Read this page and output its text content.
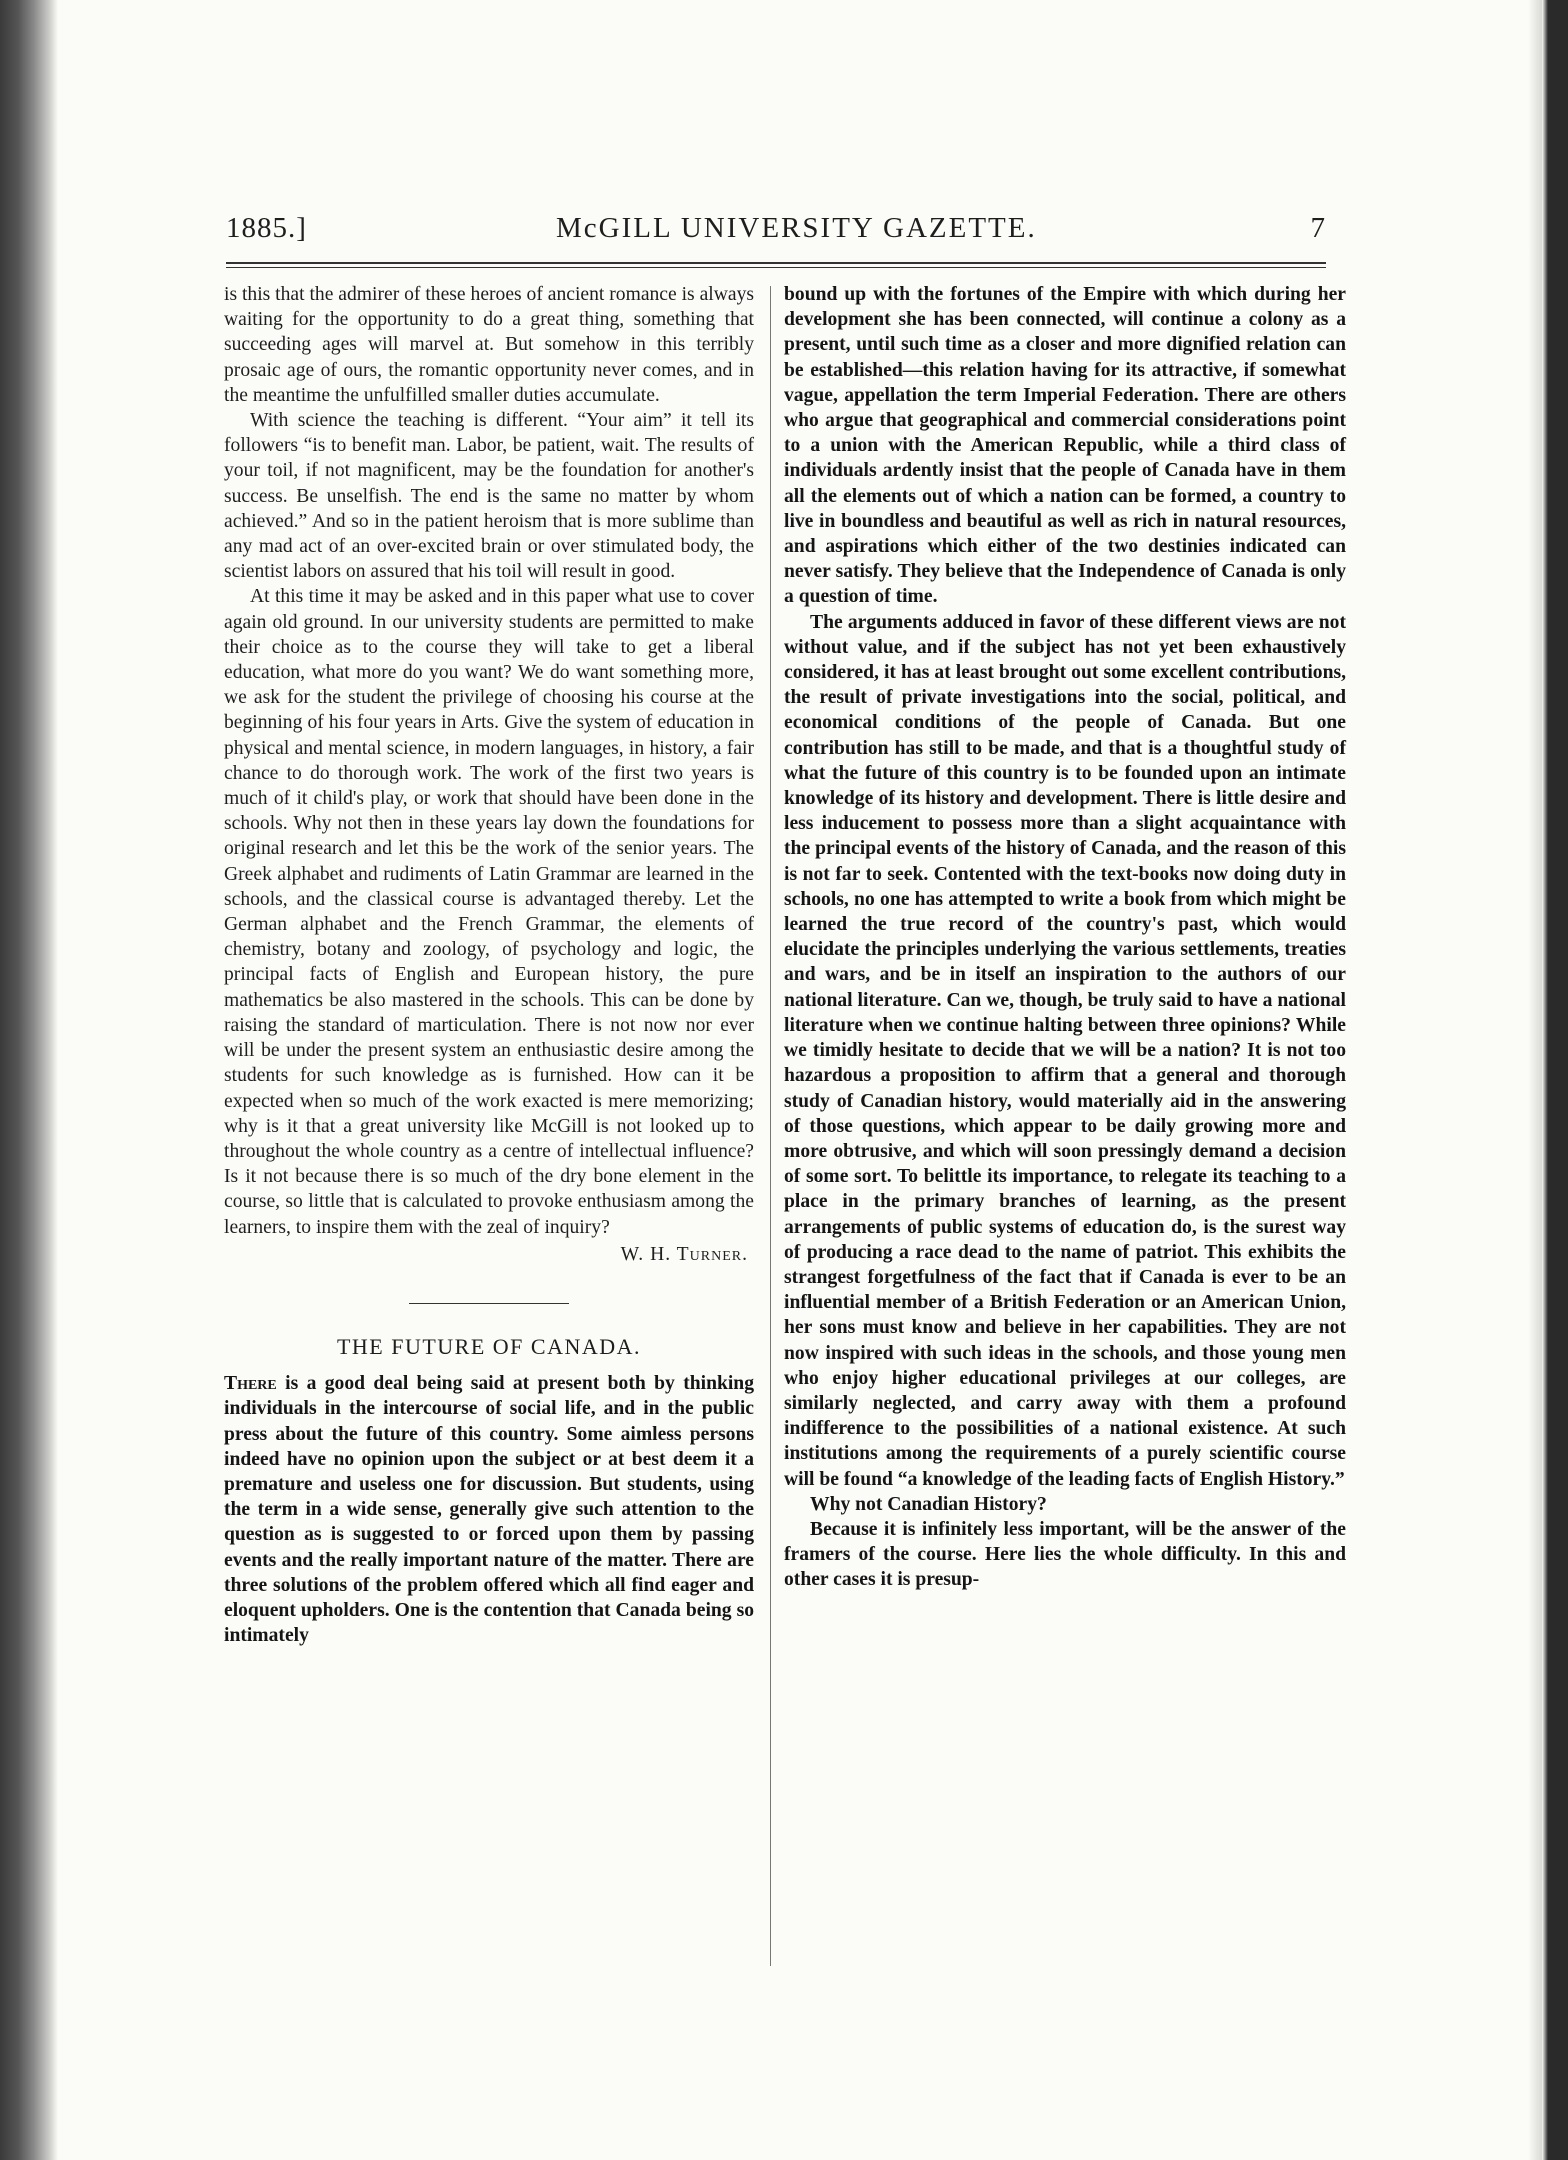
1885.]	McGILL UNIVERSITY GAZETTE.	7

is this that the admirer of these heroes of ancient romance is always waiting for the opportunity to do a great thing, something that succeeding ages will marvel at. But somehow in this terribly prosaic age of ours, the romantic opportunity never comes, and in the meantime the unfulfilled smaller duties accumulate.

With science the teaching is different. “Your aim” it tell its followers “is to benefit man. Labor, be patient, wait. The results of your toil, if not magnificent, may be the foundation for another's success. Be unselfish. The end is the same no matter by whom achieved.” And so in the patient heroism that is more sublime than any mad act of an over-excited brain or over stimulated body, the scientist labors on assured that his toil will result in good.

At this time it may be asked and in this paper what use to cover again old ground. In our university students are permitted to make their choice as to the course they will take to get a liberal education, what more do you want? We do want something more, we ask for the student the privilege of choosing his course at the beginning of his four years in Arts. Give the system of education in physical and mental science, in modern languages, in history, a fair chance to do thorough work. The work of the first two years is much of it child's play, or work that should have been done in the schools. Why not then in these years lay down the foundations for original research and let this be the work of the senior years. The Greek alphabet and rudiments of Latin Grammar are learned in the schools, and the classical course is advantaged thereby. Let the German alphabet and the French Grammar, the elements of chemistry, botany and zoology, of psychology and logic, the principal facts of English and European history, the pure mathematics be also mastered in the schools. This can be done by raising the standard of marticulation. There is not now nor ever will be under the present system an enthusiastic desire among the students for such knowledge as is furnished. How can it be expected when so much of the work exacted is mere memorizing; why is it that a great university like McGill is not looked up to throughout the whole country as a centre of intellectual influence? Is it not because there is so much of the dry bone element in the course, so little that is calculated to provoke enthusiasm among the learners, to inspire them with the zeal of inquiry?

W. H. Turner.
THE FUTURE OF CANADA.

There is a good deal being said at present both by thinking individuals in the intercourse of social life, and in the public press about the future of this country. Some aimless persons indeed have no opinion upon the subject or at best deem it a premature and useless one for discussion. But students, using the term in a wide sense, generally give such attention to the question as is suggested to or forced upon them by passing events and the really important nature of the matter. There are three solutions of the problem offered which all find eager and eloquent upholders. One is the contention that Canada being so intimately

bound up with the fortunes of the Empire with which during her development she has been connected, will continue a colony as a present, until such time as a closer and more dignified relation can be established—this relation having for its attractive, if somewhat vague, appellation the term Imperial Federation. There are others who argue that geographical and commercial considerations point to a union with the American Republic, while a third class of individuals ardently insist that the people of Canada have in them all the elements out of which a nation can be formed, a country to live in boundless and beautiful as well as rich in natural resources, and aspirations which either of the two destinies indicated can never satisfy. They believe that the Independence of Canada is only a question of time.

The arguments adduced in favor of these different views are not without value, and if the subject has not yet been exhaustively considered, it has at least brought out some excellent contributions, the result of private investigations into the social, political, and economical conditions of the people of Canada. But one contribution has still to be made, and that is a thoughtful study of what the future of this country is to be founded upon an intimate knowledge of its history and development. There is little desire and less inducement to possess more than a slight acquaintance with the principal events of the history of Canada, and the reason of this is not far to seek. Contented with the text-books now doing duty in schools, no one has attempted to write a book from which might be learned the true record of the country's past, which would elucidate the principles underlying the various settlements, treaties and wars, and be in itself an inspiration to the authors of our national literature. Can we, though, be truly said to have a national literature when we continue halting between three opinions? While we timidly hesitate to decide that we will be a nation? It is not too hazardous a proposition to affirm that a general and thorough study of Canadian history, would materially aid in the answering of those questions, which appear to be daily growing more and more obtrusive, and which will soon pressingly demand a decision of some sort. To belittle its importance, to relegate its teaching to a place in the primary branches of learning, as the present arrangements of public systems of education do, is the surest way of producing a race dead to the name of patriot. This exhibits the strangest forgetfulness of the fact that if Canada is ever to be an influential member of a British Federation or an American Union, her sons must know and believe in her capabilities. They are not now inspired with such ideas in the schools, and those young men who enjoy higher educational privileges at our colleges, are similarly neglected, and carry away with them a profound indifference to the possibilities of a national existence. At such institutions among the requirements of a purely scientific course will be found “a knowledge of the leading facts of English History.”

Why not Canadian History?

Because it is infinitely less important, will be the answer of the framers of the course. Here lies the whole difficulty. In this and other cases it is presup-
